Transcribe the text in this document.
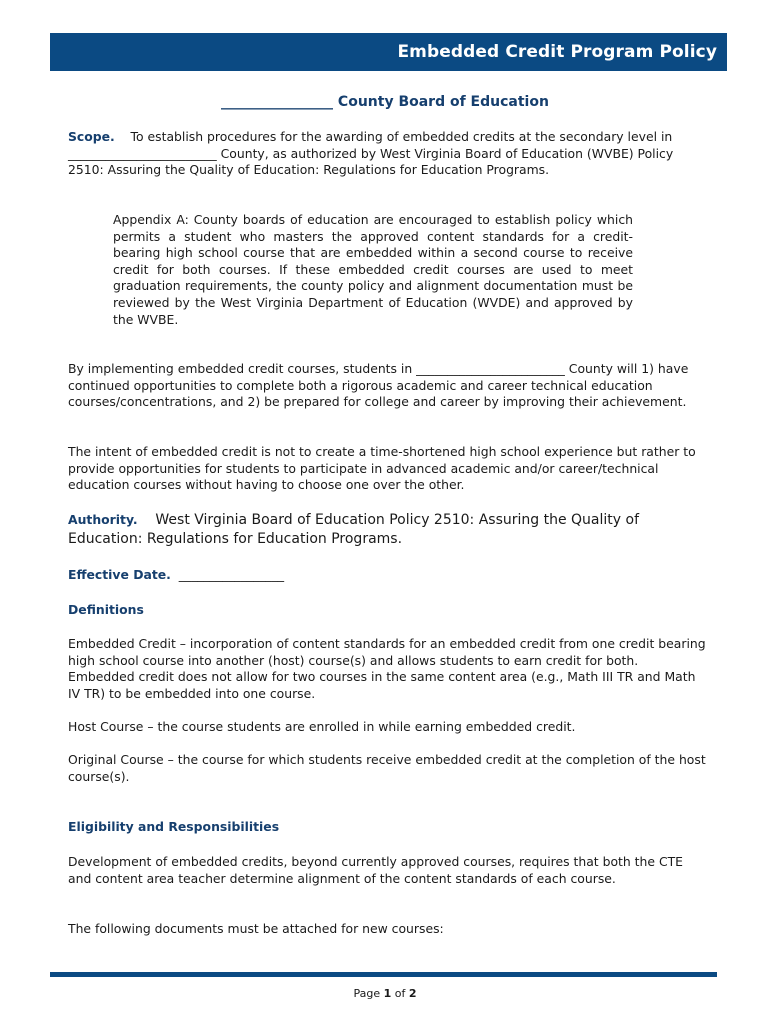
Embedded Credit Program Policy
________________ County Board of Education
Scope. To establish procedures for the awarding of embedded credits at the secondary level in ________________________ County, as authorized by West Virginia Board of Education (WVBE) Policy 2510: Assuring the Quality of Education: Regulations for Education Programs.
Appendix A: County boards of education are encouraged to establish policy which permits a student who masters the approved content standards for a credit-bearing high school course that are embedded within a second course to receive credit for both courses. If these embedded credit courses are used to meet graduation requirements, the county policy and alignment documentation must be reviewed by the West Virginia Department of Education (WVDE) and approved by the WVBE.
By implementing embedded credit courses, students in ________________________ County will 1) have continued opportunities to complete both a rigorous academic and career technical education courses/concentrations, and 2) be prepared for college and career by improving their achievement.
The intent of embedded credit is not to create a time-shortened high school experience but rather to provide opportunities for students to participate in advanced academic and/or career/technical education courses without having to choose one over the other.
Authority. West Virginia Board of Education Policy 2510: Assuring the Quality of Education: Regulations for Education Programs.
Effective Date. _________________
Definitions
Embedded Credit – incorporation of content standards for an embedded credit from one credit bearing high school course into another (host) course(s) and allows students to earn credit for both. Embedded credit does not allow for two courses in the same content area (e.g., Math III TR and Math IV TR) to be embedded into one course.
Host Course – the course students are enrolled in while earning embedded credit.
Original Course – the course for which students receive embedded credit at the completion of the host course(s).
Eligibility and Responsibilities
Development of embedded credits, beyond currently approved courses, requires that both the CTE and content area teacher determine alignment of the content standards of each course.
The following documents must be attached for new courses:
Page 1 of 2
